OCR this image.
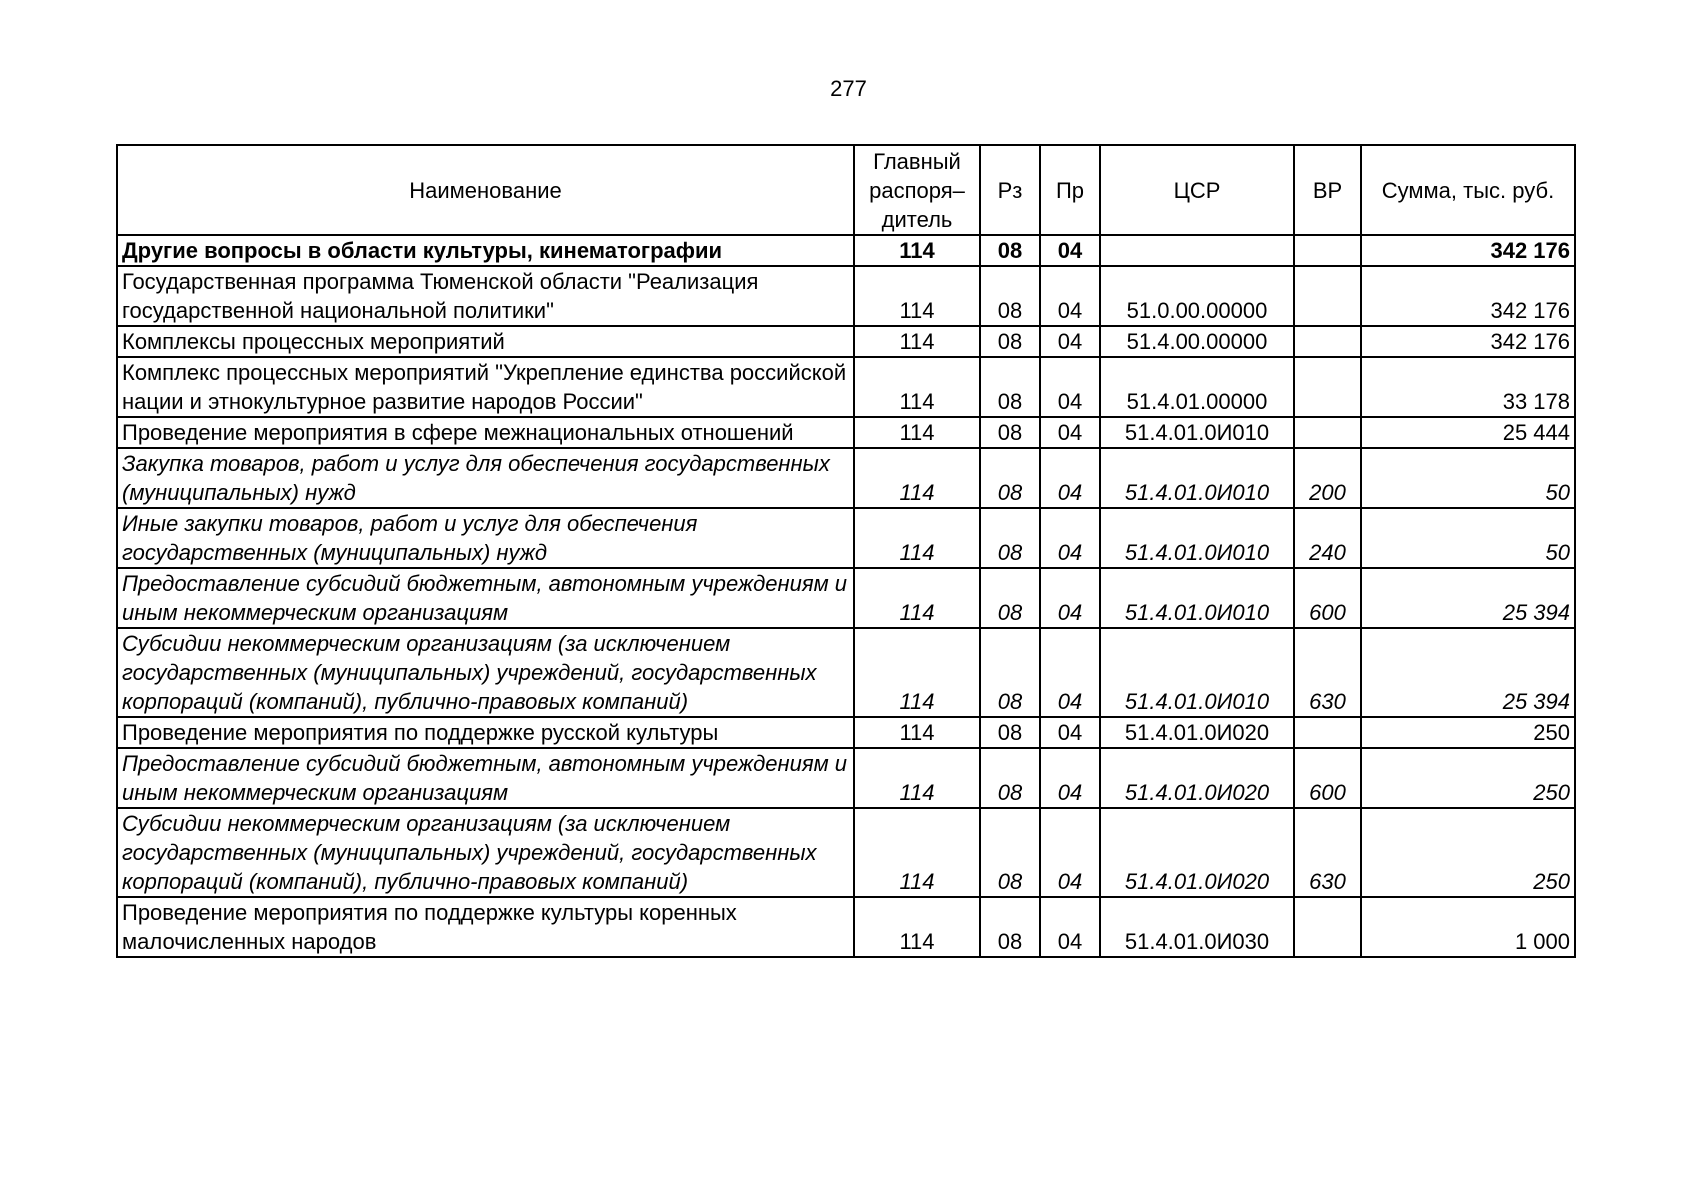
277
Наименование	Главный распоря– дитель	Рз	Пр	ЦСР	ВР	Сумма, тыс. руб.
Другие вопросы в области культуры, кинематографии	114	08	04			342 176
Государственная программа Тюменской области "Реализация государственной национальной политики"	114	08	04	51.0.00.00000		342 176
Комплексы процессных мероприятий	114	08	04	51.4.00.00000		342 176
Комплекс процессных мероприятий "Укрепление единства российской нации и этнокультурное развитие народов России"	114	08	04	51.4.01.00000		33 178
Проведение мероприятия в сфере межнациональных отношений	114	08	04	51.4.01.0И010		25 444
Закупка товаров, работ и услуг для обеспечения государственных (муниципальных) нужд	114	08	04	51.4.01.0И010	200	50
Иные закупки товаров, работ и услуг для обеспечения государственных (муниципальных) нужд	114	08	04	51.4.01.0И010	240	50
Предоставление субсидий бюджетным, автономным учреждениям и иным некоммерческим организациям	114	08	04	51.4.01.0И010	600	25 394
Субсидии некоммерческим организациям (за исключением государственных (муниципальных) учреждений, государственных корпораций (компаний), публично-правовых компаний)	114	08	04	51.4.01.0И010	630	25 394
Проведение мероприятия по поддержке русской культуры	114	08	04	51.4.01.0И020		250
Предоставление субсидий бюджетным, автономным учреждениям и иным некоммерческим организациям	114	08	04	51.4.01.0И020	600	250
Субсидии некоммерческим организациям (за исключением государственных (муниципальных) учреждений, государственных корпораций (компаний), публично-правовых компаний)	114	08	04	51.4.01.0И020	630	250
Проведение мероприятия по поддержке культуры коренных малочисленных народов	114	08	04	51.4.01.0И030		1 000
